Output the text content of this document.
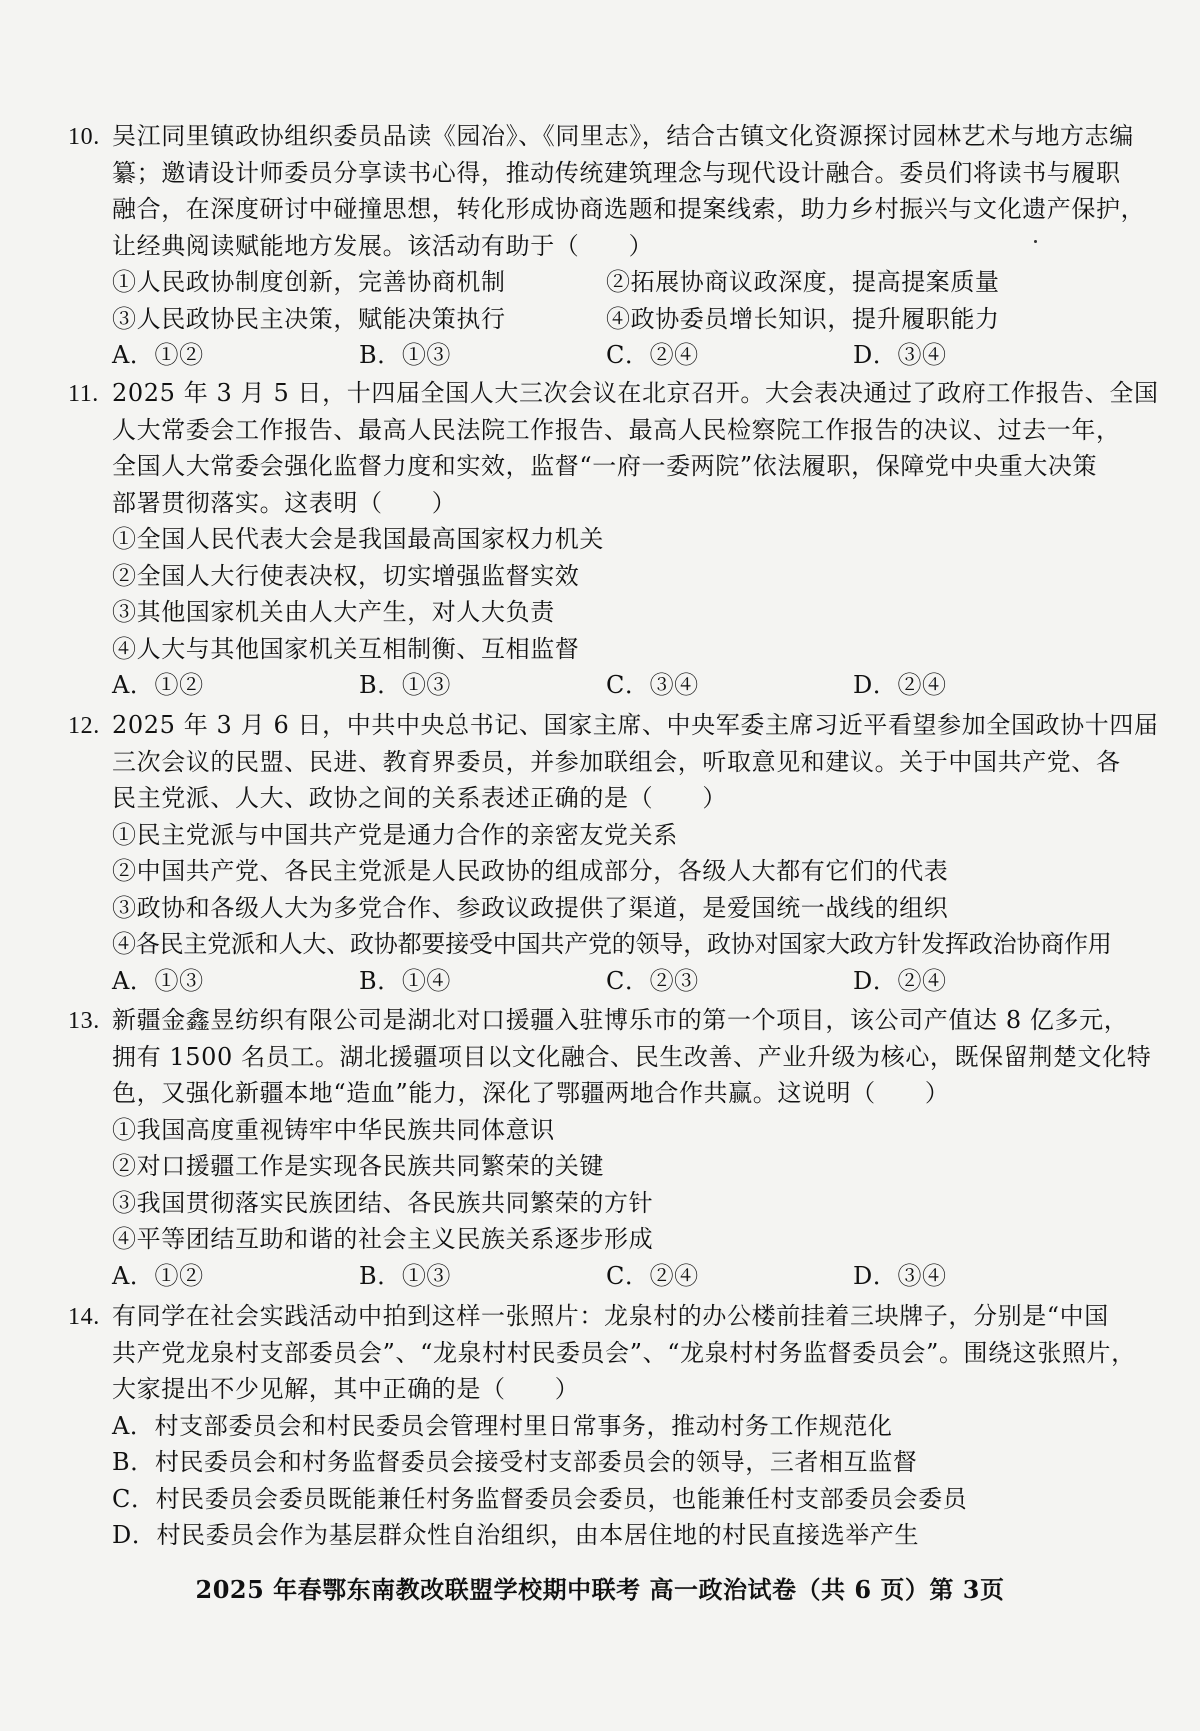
10. 吴江同里镇政协组织委员品读《园冶》、《同里志》，结合古镇文化资源探讨园林艺术与地方志编
纂；邀请设计师委员分享读书心得，推动传统建筑理念与现代设计融合。委员们将读书与履职
融合，在深度研讨中碰撞思想，转化形成协商选题和提案线索，助力乡村振兴与文化遗产保护，
让经典阅读赋能地方发展。该活动有助于（　　）
①人民政协制度创新，完善协商机制	②拓展协商议政深度，提高提案质量
③人民政协民主决策，赋能决策执行	④政协委员增长知识，提升履职能力
A．①②	B．①③	C．②④	D．③④
11. 2025 年 3 月 5 日，十四届全国人大三次会议在北京召开。大会表决通过了政府工作报告、全国
人大常委会工作报告、最高人民法院工作报告、最高人民检察院工作报告的决议、过去一年，
全国人大常委会强化监督力度和实效，监督“一府一委两院”依法履职，保障党中央重大决策
部署贯彻落实。这表明（　　）
①全国人民代表大会是我国最高国家权力机关
②全国人大行使表决权，切实增强监督实效
③其他国家机关由人大产生，对人大负责
④人大与其他国家机关互相制衡、互相监督
A．①②	B．①③	C．③④	D．②④
12. 2025 年 3 月 6 日，中共中央总书记、国家主席、中央军委主席习近平看望参加全国政协十四届
三次会议的民盟、民进、教育界委员，并参加联组会，听取意见和建议。关于中国共产党、各
民主党派、人大、政协之间的关系表述正确的是（　　）
①民主党派与中国共产党是通力合作的亲密友党关系
②中国共产党、各民主党派是人民政协的组成部分，各级人大都有它们的代表
③政协和各级人大为多党合作、参政议政提供了渠道，是爱国统一战线的组织
④各民主党派和人大、政协都要接受中国共产党的领导，政协对国家大政方针发挥政治协商作用
A．①③	B．①④	C．②③	D．②④
13. 新疆金鑫昱纺织有限公司是湖北对口援疆入驻博乐市的第一个项目，该公司产值达 8 亿多元，
拥有 1500 名员工。湖北援疆项目以文化融合、民生改善、产业升级为核心，既保留荆楚文化特
色，又强化新疆本地“造血”能力，深化了鄂疆两地合作共赢。这说明（　　）
①我国高度重视铸牢中华民族共同体意识
②对口援疆工作是实现各民族共同繁荣的关键
③我国贯彻落实民族团结、各民族共同繁荣的方针
④平等团结互助和谐的社会主义民族关系逐步形成
A．①②	B．①③	C．②④	D．③④
14. 有同学在社会实践活动中拍到这样一张照片：龙泉村的办公楼前挂着三块牌子，分别是“中国
共产党龙泉村支部委员会”、“龙泉村村民委员会”、“龙泉村村务监督委员会”。围绕这张照片，
大家提出不少见解，其中正确的是（　　）
A．村支部委员会和村民委员会管理村里日常事务，推动村务工作规范化
B．村民委员会和村务监督委员会接受村支部委员会的领导，三者相互监督
C．村民委员会委员既能兼任村务监督委员会委员，也能兼任村支部委员会委员
D．村民委员会作为基层群众性自治组织，由本居住地的村民直接选举产生
2025 年春鄂东南教改联盟学校期中联考 高一政治试卷（共 6 页）第 3页
